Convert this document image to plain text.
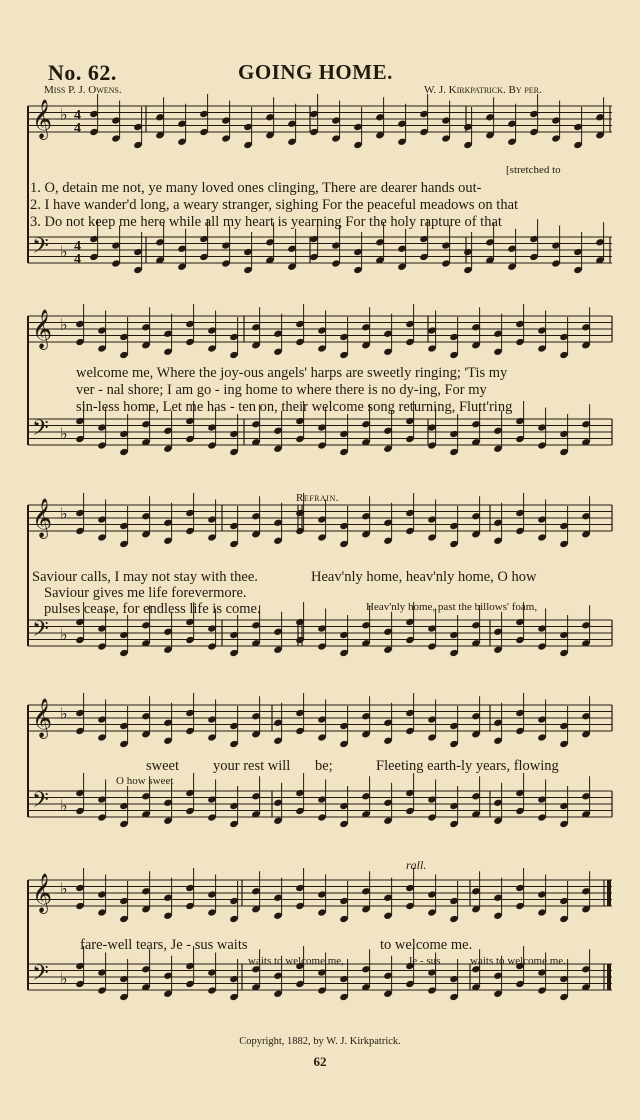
No. 62.	GOING HOME.
Miss P. J. Owens.	W. J. Kirkpatrick. By per.
𝄞
𝄢
♭
♭
4
4
4
4
𝄞
𝄢
♭
♭
𝄞
𝄢
♭
♭
𝄞
𝄢
♭
♭
𝄞
𝄢
♭
♭
[stretched to
1. O, detain me not, ye many loved ones clinging, There are dearer hands out-
2. I have wander'd long, a weary stranger, sighing For the peaceful meadows on that
3. Do not keep me here while all my heart is yearning For the holy rapture of that
welcome me, Where the joy-ous angels' harps are sweetly ringing; 'Tis my
ver - nal shore; I am go - ing home to where there is no dy-ing, For my
sin-less home, Let me has - ten on, their welcome song returning, Flutt'ring
Refrain.
Saviour calls, I may not stay with thee.
Saviour gives me life forevermore.
pulses cease, for endless life is come.
Heav'nly home, heav'nly home, O how
Heav'nly home, past the billows' foam,
sweet your rest will be;	Fleeting earth-ly years, flowing
O how sweet
rall.
fare-well tears, Je - sus waits	to welcome me.
waits to welcome me,	Je - sus	waits to welcome me.
Copyright, 1882, by W. J. Kirkpatrick.
62
